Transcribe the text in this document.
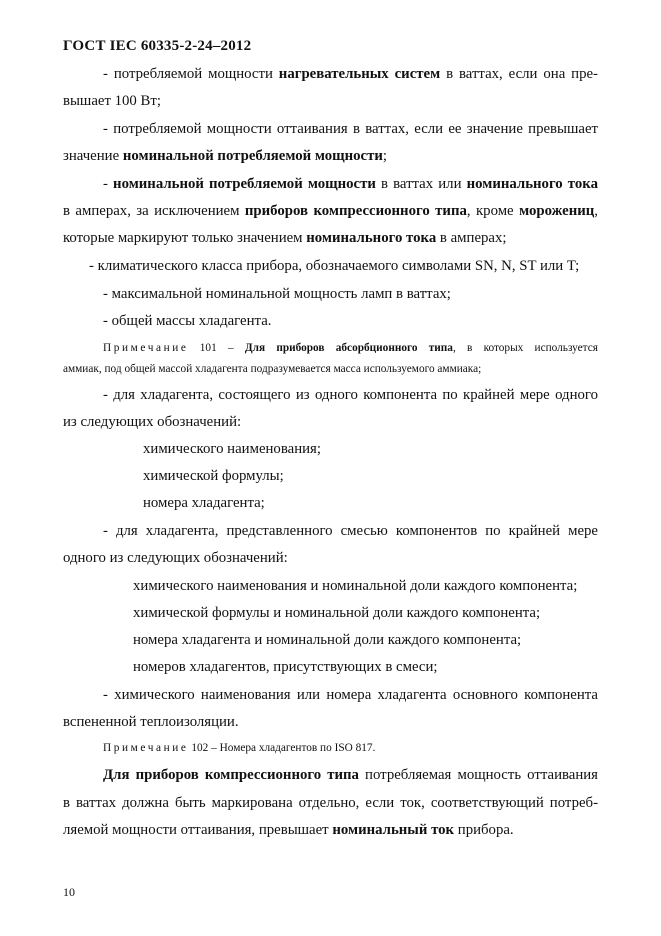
ГОСТ IEC 60335-2-24–2012
- потребляемой мощности нагревательных систем в ваттах, если она пре-
вышает 100 Вт;
- потребляемой мощности оттаивания в ваттах, если ее значение превышает
значение номинальной потребляемой мощности;
- номинальной потребляемой мощности в ваттах или номинального тока
в амперах, за исключением приборов компрессионного типа, кроме морожениц,
которые маркируют только значением номинального тока в амперах;
- климатического класса прибора, обозначаемого символами SN, N, ST или T;
- максимальной номинальной мощность ламп в ваттах;
- общей массы хладагента.
Примечание 101 – Для приборов абсорбционного типа, в которых используется
аммиак, под общей массой хладагента подразумевается масса используемого аммиака;
- для хладагента, состоящего из одного компонента по крайней мере одного
из следующих обозначений:
химического наименования;
химической формулы;
номера хладагента;
- для хладагента, представленного смесью компонентов по крайней мере
одного из следующих обозначений:
химического наименования и номинальной доли каждого компонента;
химической формулы и номинальной доли каждого компонента;
номера хладагента и номинальной доли каждого компонента;
номеров хладагентов, присутствующих в смеси;
- химического наименования или номера хладагента основного компонента
вспененной теплоизоляции.
Примечание 102 – Номера хладагентов по ISO 817.
Для приборов компрессионного типа потребляемая мощность оттаивания
в ваттах должна быть маркирована отдельно, если ток, соответствующий потреб-
ляемой мощности оттаивания, превышает номинальный ток прибора.
10
